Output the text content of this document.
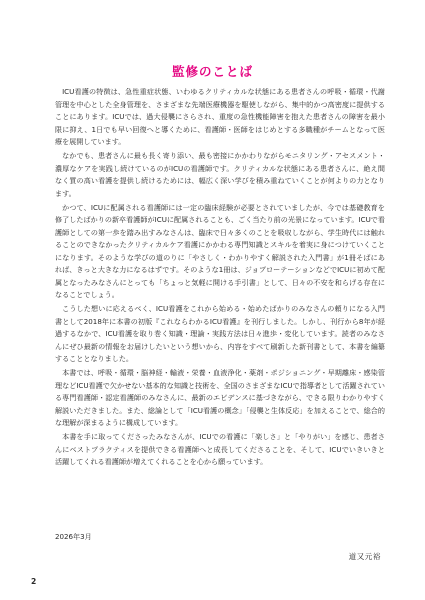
監修のことば

ICU看護の特徴は、急性重症状態、いわゆるクリティカルな状態にある患者さんの呼吸・循環・代謝管理を中心とした全身管理を、さまざまな先端医療機器を駆使しながら、集中的かつ高密度に提供することにあります。ICUでは、過大侵襲にさらされ、重度の急性機能障害を抱えた患者さんの障害を最小限に抑え、1日でも早い回復へと導くために、看護師・医師をはじめとする多職種がチームとなって医療を展開しています。

なかでも、患者さんに最も長く寄り添い、最も密接にかかわりながらモニタリング・アセスメント・濃厚なケアを実践し続けているのがICUの看護師です。クリティカルな状態にある患者さんに、絶え間なく質の高い看護を提供し続けるためには、幅広く深い学びを積み重ねていくことが何よりの力となります。

かつて、ICUに配属される看護師には一定の臨床経験が必要とされていましたが、今では基礎教育を修了したばかりの新卒看護師がICUに配属されることも、ごく当たり前の光景になっています。ICUで看護師としての第一歩を踏み出すみなさんは、臨床で日々多くのことを吸収しながら、学生時代には触れることのできなかったクリティカルケア看護にかかわる専門知識とスキルを着実に身につけていくことになります。そのような学びの道のりに「やさしく・わかりやすく解説された入門書」が1冊そばにあれば、きっと大きな力になるはずです。そのような1冊は、ジョブローテーションなどでICUに初めて配属となったみなさんにとっても「ちょっと気軽に開ける手引書」として、日々の不安を和らげる存在になることでしょう。

こうした想いに応えるべく、ICU看護をこれから始める・始めたばかりのみなさんの頼りになる入門書として2018年に本書の初版『これならわかるICU看護』を刊行しました。しかし、刊行から8年が経過するなかで、ICU看護を取り巻く知識・理論・実践方法は日々進歩・変化しています。読者のみなさんにぜひ最新の情報をお届けしたいという想いから、内容をすべて刷新した新刊書として、本書を編纂することとなりました。

本書では、呼吸・循環・脳神経・輸液・栄養・血液浄化・薬剤・ポジショニング・早期離床・感染管理などICU看護で欠かせない基本的な知識と技術を、全国のさまざまなICUで指導者として活躍されている専門看護師・認定看護師のみなさんに、最新のエビデンスに基づきながら、できる限りわかりやすく解説いただきました。また、総論として「ICU看護の概念」「侵襲と生体反応」を加えることで、総合的な理解が深まるように構成しています。

本書を手に取ってくださったみなさんが、ICUでの看護に「楽しさ」と「やりがい」を感じ、患者さんにベストプラクティスを提供できる看護師へと成長してくださることを、そして、ICUでいきいきと活躍してくれる看護師が増えてくれることを心から願っています。

2026年3月
道又元裕
2
